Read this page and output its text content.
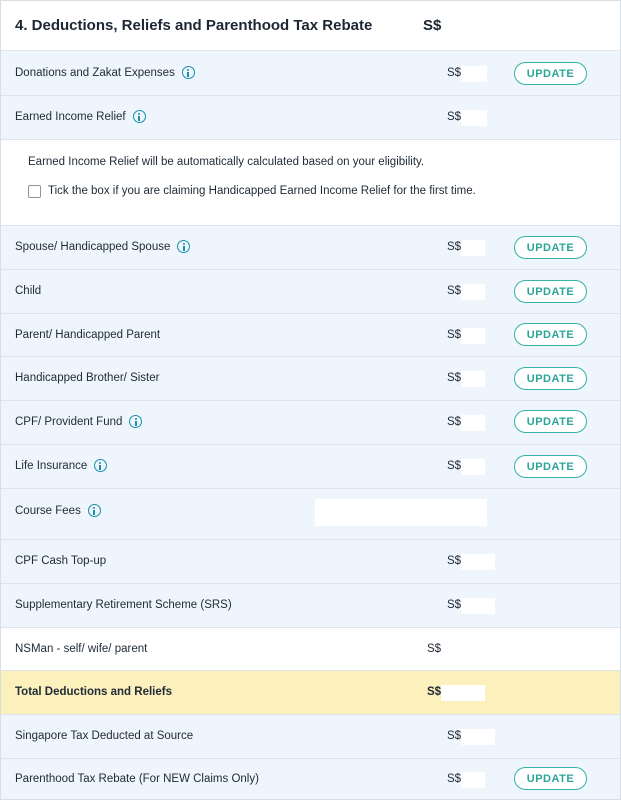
4. Deductions, Reliefs and Parenthood Tax Rebate	S$
Donations and Zakat Expenses	S$	UPDATE
Earned Income Relief	S$
Earned Income Relief will be automatically calculated based on your eligibility.
Tick the box if you are claiming Handicapped Earned Income Relief for the first time.
Spouse/ Handicapped Spouse	S$	UPDATE
Child	S$	UPDATE
Parent/ Handicapped Parent	S$	UPDATE
Handicapped Brother/ Sister	S$	UPDATE
CPF/ Provident Fund	S$	UPDATE
Life Insurance	S$	UPDATE
Course Fees
CPF Cash Top-up	S$
Supplementary Retirement Scheme (SRS)	S$
NSMan - self/ wife/ parent	S$
Total Deductions and Reliefs	S$
Singapore Tax Deducted at Source	S$
Parenthood Tax Rebate (For NEW Claims Only)	S$	UPDATE
